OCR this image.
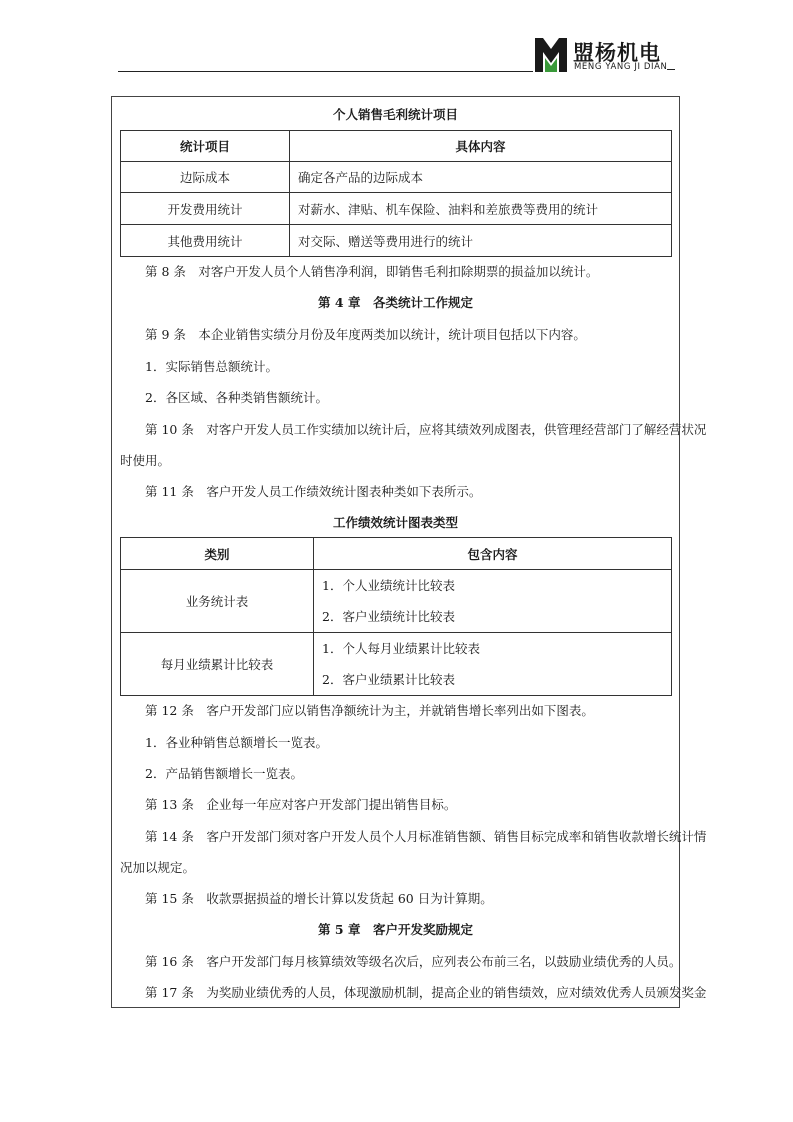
盟杨机电
MENG YANG JI DIAN
个人销售毛利统计项目
统计项目	具体内容
边际成本	确定各产品的边际成本
开发费用统计	对薪水、津贴、机车保险、油料和差旅费等费用的统计
其他费用统计	对交际、赠送等费用进行的统计
第 8 条　对客户开发人员个人销售净利润，即销售毛利扣除期票的损益加以统计。
第 4 章　各类统计工作规定
第 9 条　本企业销售实绩分月份及年度两类加以统计，统计项目包括以下内容。
1．实际销售总额统计。
2．各区域、各种类销售额统计。
第 10 条　对客户开发人员工作实绩加以统计后，应将其绩效列成图表，供管理经营部门了解经营状况
时使用。
第 11 条　客户开发人员工作绩效统计图表种类如下表所示。
工作绩效统计图表类型
类别	包含内容
业务统计表	1．个人业绩统计比较表
2．客户业绩统计比较表

每月业绩累计比较表	1．个人每月业绩累计比较表
2．客户业绩累计比较表
第 12 条　客户开发部门应以销售净额统计为主，并就销售增长率列出如下图表。
1．各业种销售总额增长一览表。
2．产品销售额增长一览表。
第 13 条　企业每一年应对客户开发部门提出销售目标。
第 14 条　客户开发部门须对客户开发人员个人月标准销售额、销售目标完成率和销售收款增长统计情
况加以规定。
第 15 条　收款票据损益的增长计算以发货起 60 日为计算期。
第 5 章　客户开发奖励规定
第 16 条　客户开发部门每月核算绩效等级名次后，应列表公布前三名，以鼓励业绩优秀的人员。
第 17 条　为奖励业绩优秀的人员，体现激励机制，提高企业的销售绩效，应对绩效优秀人员颁发奖金
